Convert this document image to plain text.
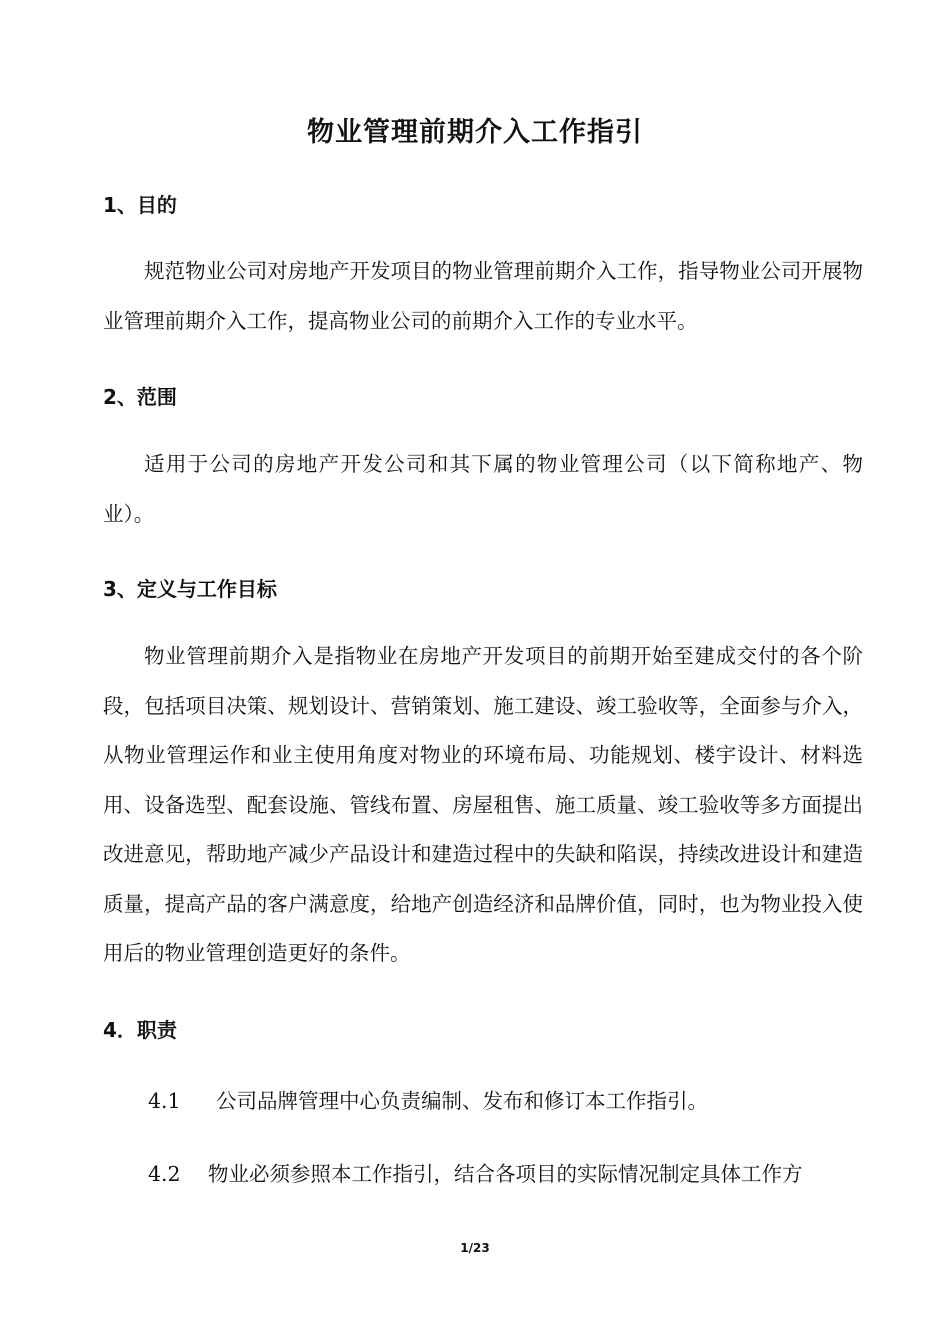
物业管理前期介入工作指引
1、目的

规范物业公司对房地产开发项目的物业管理前期介入工作，指导物业公司开展物业管理前期介入工作，提高物业公司的前期介入工作的专业水平。

2、范围

适用于公司的房地产开发公司和其下属的物业管理公司（以下简称地产、物业）。

3、定义与工作目标

物业管理前期介入是指物业在房地产开发项目的前期开始至建成交付的各个阶段，包括项目决策、规划设计、营销策划、施工建设、竣工验收等，全面参与介入，从物业管理运作和业主使用角度对物业的环境布局、功能规划、楼宇设计、材料选用、设备选型、配套设施、管线布置、房屋租售、施工质量、竣工验收等多方面提出改进意见，帮助地产减少产品设计和建造过程中的失缺和陷误，持续改进设计和建造质量，提高产品的客户满意度，给地产创造经济和品牌价值，同时，也为物业投入使用后的物业管理创造更好的条件。

4．职责
4.1 公司品牌管理中心负责编制、发布和修订本工作指引。
4.2 物业必须参照本工作指引，结合各项目的实际情况制定具体工作方
1/23
